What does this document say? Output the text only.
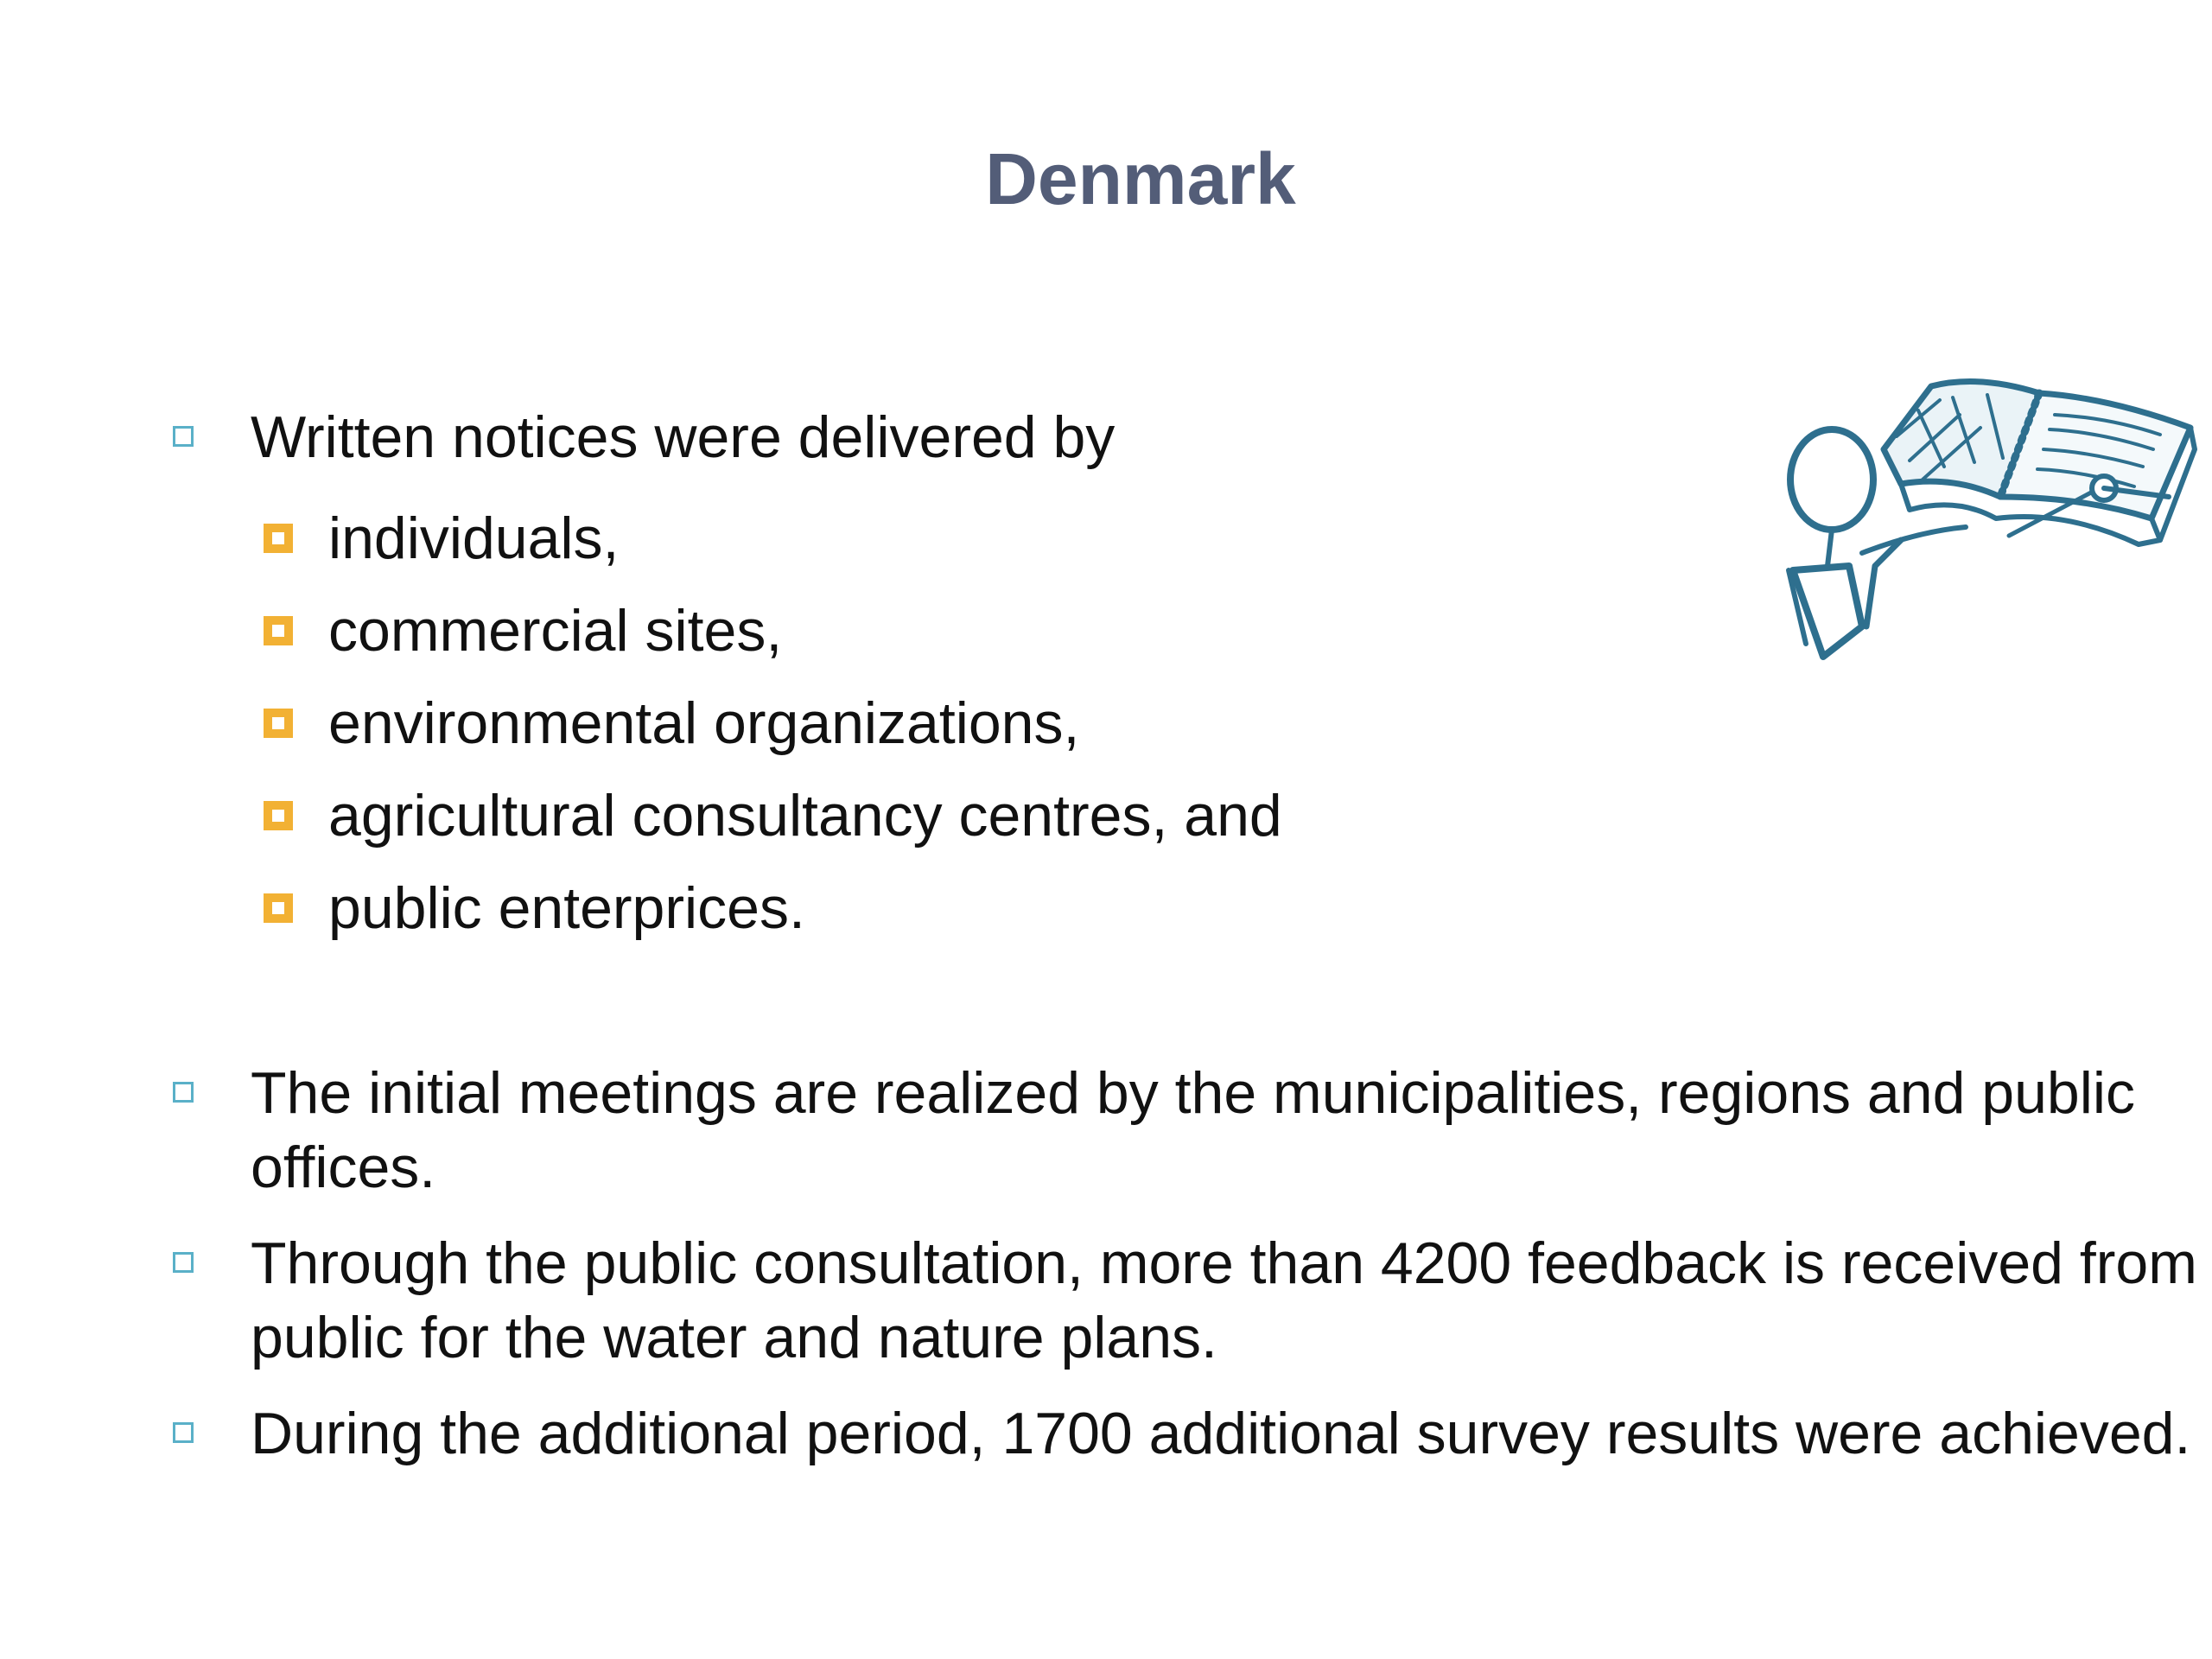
Denmark
Written notices were delivered by
individuals,
commercial sites,
environmental organizations,
agricultural consultancy centres, and
public enterprices.
The initial meetings are realized by the municipalities, regions and public offices.
Through the public consultation, more than 4200 feedback is received from public for the water and nature plans.
During the additional period, 1700 additional survey results were achieved.
